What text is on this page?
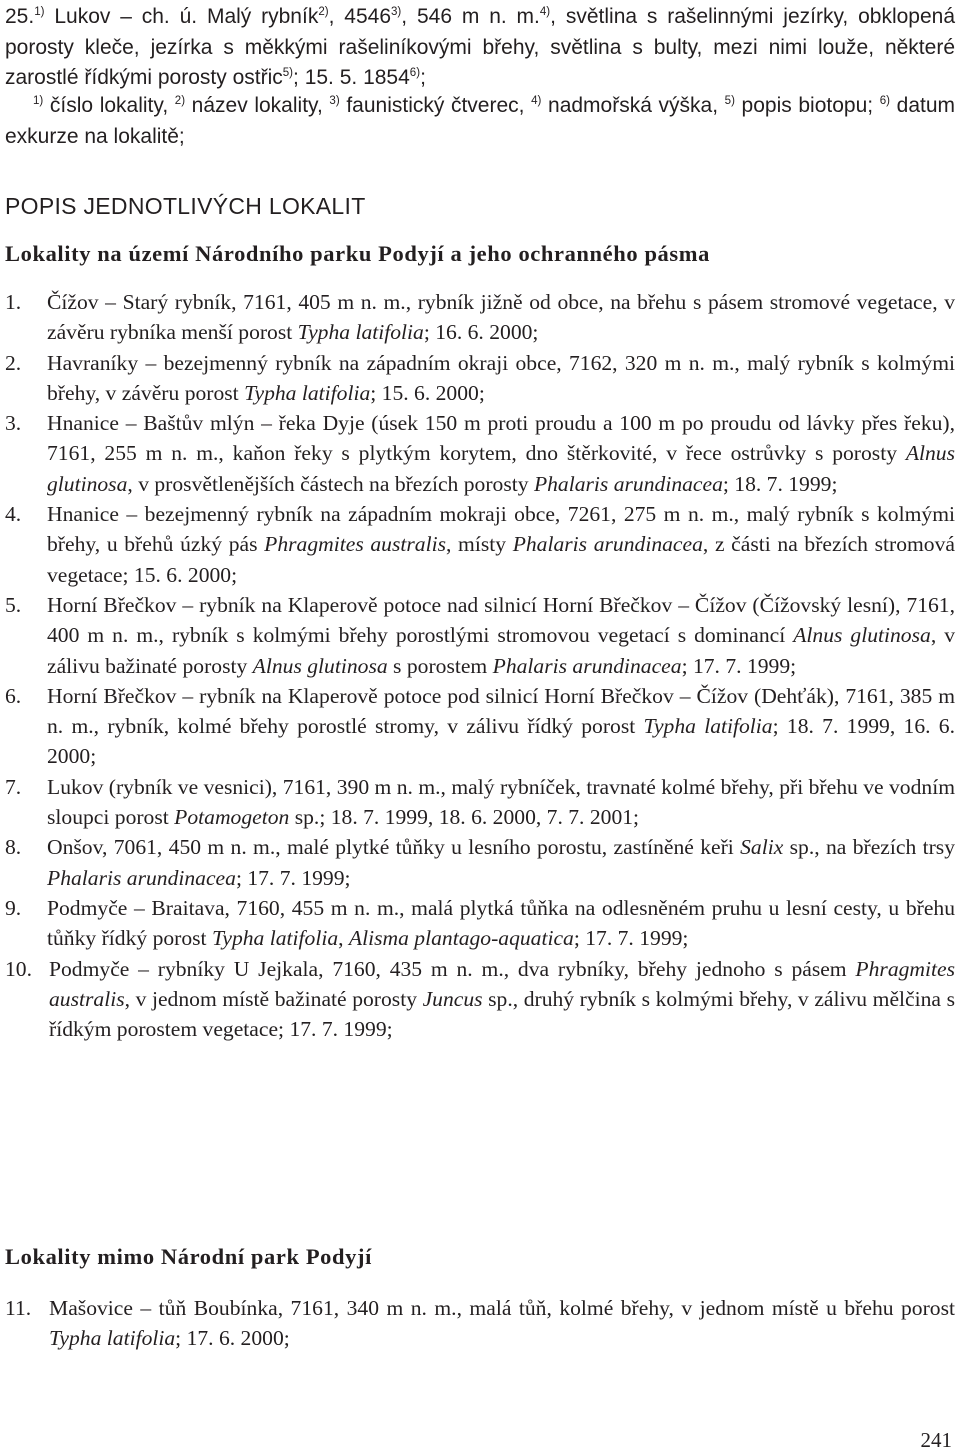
25.$^{1)}$ Lukov – ch. ú. Malý rybník$^{2)}$, 4546$^{3)}$, 546 m n. m.$^{4)}$, světlina s rašelinnými jezírky, obklopená porosty kleče, jezírka s měkkými rašeliníkovými břehy, světlina s bulty, mezi nimi louže, některé zarostlé řídkými porosty ostřic$^{5)}$; 15. 5. 1854$^{6)}$;

$^{1)}$ číslo lokality, $^{2)}$ název lokality, $^{3)}$ faunistický čtverec, $^{4)}$ nadmořská výška, $^{5)}$ popis biotopu; $^{6)}$ datum exkurze na lokalitě;

POPIS JEDNOTLIVÝCH LOKALIT
Lokality na území Národního parku Podyjí a jeho ochranného pásma
1.	Čížov – Starý rybník, 7161, 405 m n. m., rybník jižně od obce, na břehu s pásem stromové vegetace, v závěru rybníka menší porost Typha latifolia; 16. 6. 2000;
2.	Havraníky – bezejmenný rybník na západním okraji obce, 7162, 320 m n. m., malý rybník s kolmými břehy, v závěru porost Typha latifolia; 15. 6. 2000;
3.	Hnanice – Baštův mlýn – řeka Dyje (úsek 150 m proti proudu a 100 m po proudu od lávky přes řeku), 7161, 255 m n. m., kaňon řeky s plytkým korytem, dno štěrkovité, v řece ostrůvky s porosty Alnus glutinosa, v prosvětlenějších částech na březích porosty Phalaris arundinacea; 18. 7. 1999;
4.	Hnanice – bezejmenný rybník na západním mokraji obce, 7261, 275 m n. m., malý rybník s kolmými břehy, u břehů úzký pás Phragmites australis, místy Phalaris arundinacea, z části na březích stromová vegetace; 15. 6. 2000;
5.	Horní Břečkov – rybník na Klaperově potoce nad silnicí Horní Břečkov – Čížov (Čížovský lesní), 7161, 400 m n. m., rybník s kolmými břehy porostlými stromovou vegetací s dominancí Alnus glutinosa, v zálivu bažinaté porosty Alnus glutinosa s porostem Phalaris arundinacea; 17. 7. 1999;
6.	Horní Břečkov – rybník na Klaperově potoce pod silnicí Horní Břečkov – Čížov (Dehťák), 7161, 385 m n. m., rybník, kolmé břehy porostlé stromy, v zálivu řídký porost Typha latifolia; 18. 7. 1999, 16. 6. 2000;
7.	Lukov (rybník ve vesnici), 7161, 390 m n. m., malý rybníček, travnaté kolmé břehy, při břehu ve vodním sloupci porost Potamogeton sp.; 18. 7. 1999, 18. 6. 2000, 7. 7. 2001;
8.	Onšov, 7061, 450 m n. m., malé plytké tůňky u lesního porostu, zastíněné keři Salix sp., na březích trsy Phalaris arundinacea; 17. 7. 1999;
9.	Podmyče – Braitava, 7160, 455 m n. m., malá plytká tůňka na odlesněném pruhu u lesní cesty, u břehu tůňky řídký porost Typha latifolia, Alisma plantago-aquatica; 17. 7. 1999;
10. Podmyče – rybníky U Jejkala, 7160, 435 m n. m., dva rybníky, břehy jednoho s pásem Phragmites australis, v jednom místě bažinaté porosty Juncus sp., druhý rybník s kolmými břehy, v zálivu mělčina s řídkým porostem vegetace; 17. 7. 1999;
Lokality mimo Národní park Podyjí
11. Mašovice – tůň Boubínka, 7161, 340 m n. m., malá tůň, kolmé břehy, v jednom místě u břehu porost Typha latifolia; 17. 6. 2000;
241
